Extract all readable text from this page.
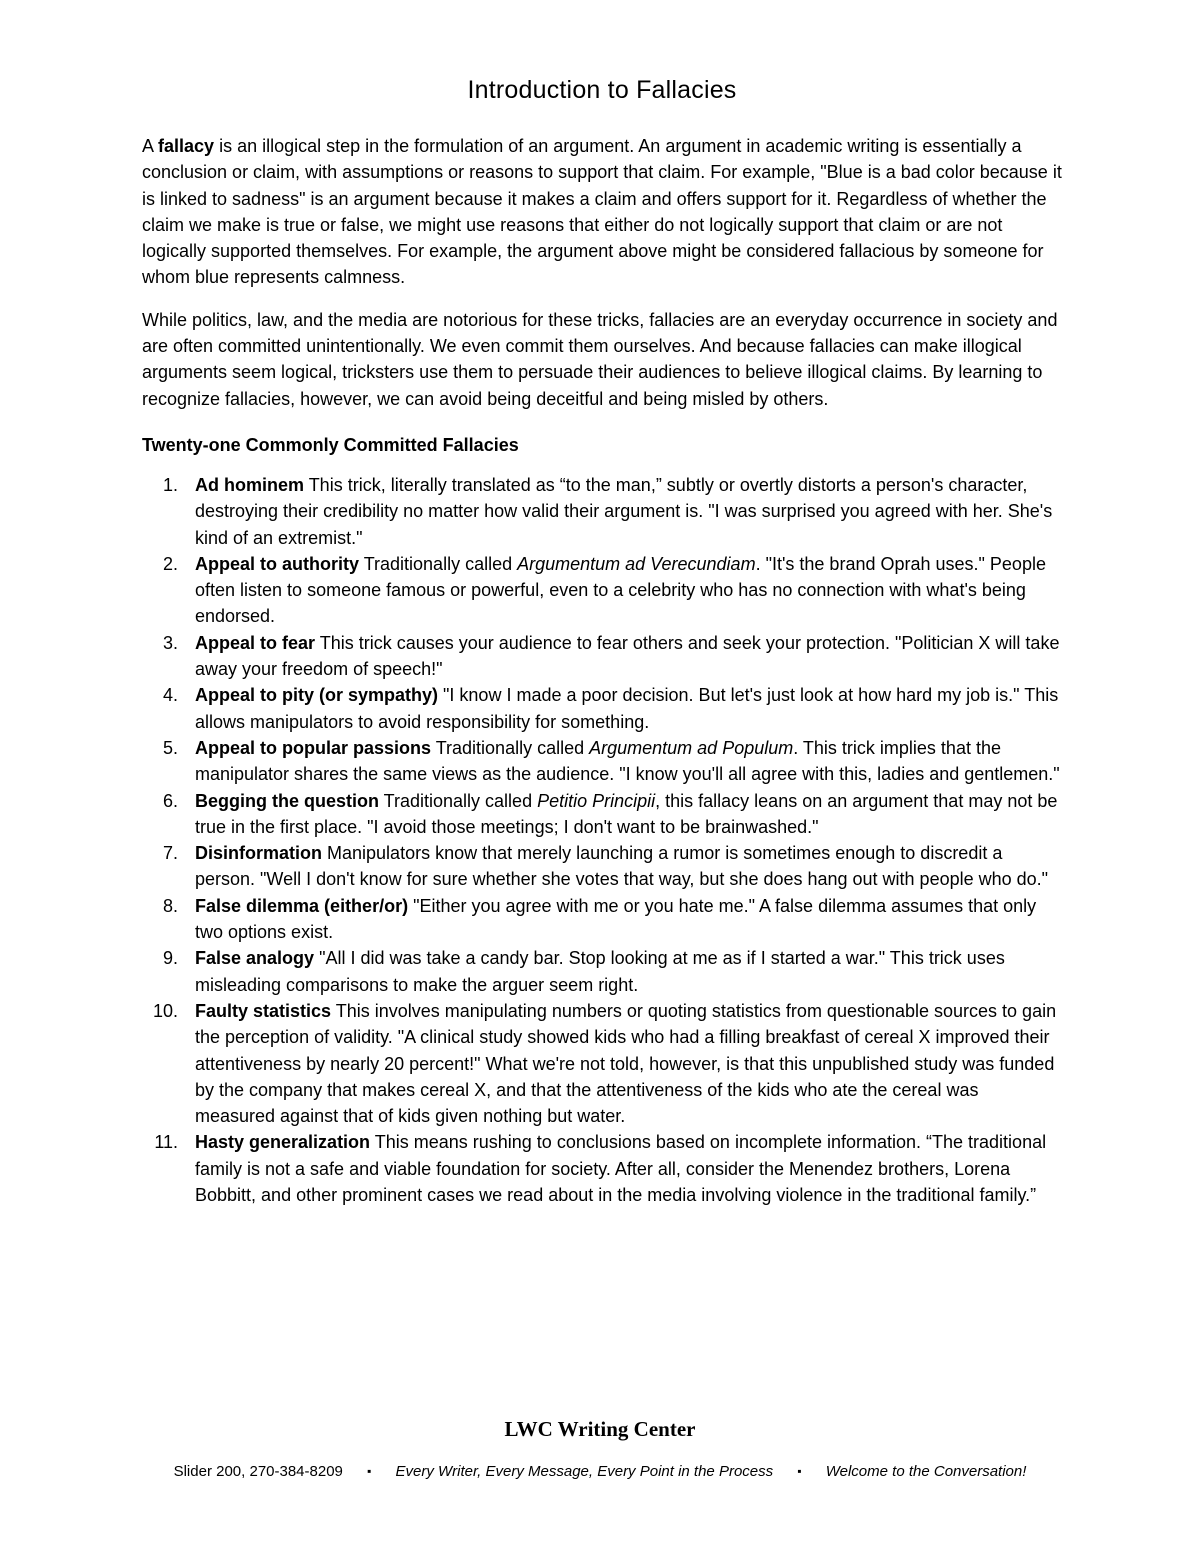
Introduction to Fallacies

A fallacy is an illogical step in the formulation of an argument. An argument in academic writing is essentially a conclusion or claim, with assumptions or reasons to support that claim. For example, "Blue is a bad color because it is linked to sadness" is an argument because it makes a claim and offers support for it. Regardless of whether the claim we make is true or false, we might use reasons that either do not logically support that claim or are not logically supported themselves. For example, the argument above might be considered fallacious by someone for whom blue represents calmness.

While politics, law, and the media are notorious for these tricks, fallacies are an everyday occurrence in society and are often committed unintentionally. We even commit them ourselves. And because fallacies can make illogical arguments seem logical, tricksters use them to persuade their audiences to believe illogical claims. By learning to recognize fallacies, however, we can avoid being deceitful and being misled by others.

Twenty-one Commonly Committed Fallacies
1. Ad hominem This trick, literally translated as “to the man,” subtly or overtly distorts a person's character, destroying their credibility no matter how valid their argument is. "I was surprised you agreed with her. She's kind of an extremist."
2. Appeal to authority Traditionally called Argumentum ad Verecundiam. "It's the brand Oprah uses." People often listen to someone famous or powerful, even to a celebrity who has no connection with what's being endorsed.
3. Appeal to fear This trick causes your audience to fear others and seek your protection. "Politician X will take away your freedom of speech!"
4. Appeal to pity (or sympathy) "I know I made a poor decision. But let's just look at how hard my job is." This allows manipulators to avoid responsibility for something.
5. Appeal to popular passions Traditionally called Argumentum ad Populum. This trick implies that the manipulator shares the same views as the audience. "I know you'll all agree with this, ladies and gentlemen."
6. Begging the question Traditionally called Petitio Principii, this fallacy leans on an argument that may not be true in the first place. "I avoid those meetings; I don't want to be brainwashed."
7. Disinformation Manipulators know that merely launching a rumor is sometimes enough to discredit a person. "Well I don't know for sure whether she votes that way, but she does hang out with people who do."
8. False dilemma (either/or) "Either you agree with me or you hate me." A false dilemma assumes that only two options exist.
9. False analogy "All I did was take a candy bar. Stop looking at me as if I started a war." This trick uses misleading comparisons to make the arguer seem right.
10. Faulty statistics This involves manipulating numbers or quoting statistics from questionable sources to gain the perception of validity. "A clinical study showed kids who had a filling breakfast of cereal X improved their attentiveness by nearly 20 percent!" What we're not told, however, is that this unpublished study was funded by the company that makes cereal X, and that the attentiveness of the kids who ate the cereal was measured against that of kids given nothing but water.
11. Hasty generalization This means rushing to conclusions based on incomplete information. “The traditional family is not a safe and viable foundation for society. After all, consider the Menendez brothers, Lorena Bobbitt, and other prominent cases we read about in the media involving violence in the traditional family.”
LWC Writing Center
Slider 200, 270-384-8209 ▪ Every Writer, Every Message, Every Point in the Process ▪ Welcome to the Conversation!
